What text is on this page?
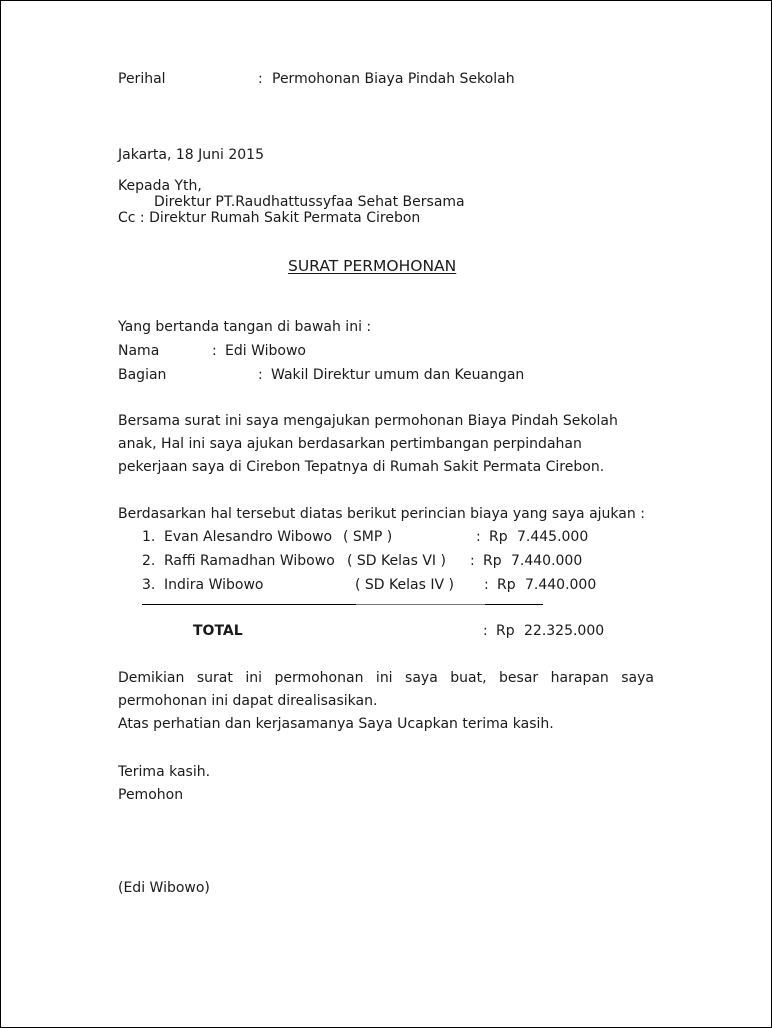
Perihal	: Permohonan Biaya Pindah Sekolah
Jakarta, 18 Juni 2015
Kepada Yth,
Direktur PT.Raudhattussyfaa Sehat Bersama
Cc : Direktur Rumah Sakit Permata Cirebon
SURAT PERMOHONAN
Yang bertanda tangan di bawah ini :
Nama	: Edi Wibowo
Bagian	: Wakil Direktur umum dan Keuangan
Bersama surat ini saya mengajukan permohonan Biaya Pindah Sekolah
anak, Hal ini saya ajukan berdasarkan pertimbangan perpindahan
pekerjaan saya di Cirebon Tepatnya di Rumah Sakit Permata Cirebon.
Berdasarkan hal tersebut diatas berikut perincian biaya yang saya ajukan :
1. Evan Alesandro Wibowo ( SMP )	: Rp 7.445.000
2. Raffi Ramadhan Wibowo ( SD Kelas VI ) : Rp 7.440.000
3. Indira Wibowo	( SD Kelas IV ) : Rp 7.440.000
TOTAL	: Rp 22.325.000
Demikian surat ini permohonan ini saya buat, besar harapan saya
permohonan ini dapat direalisasikan.
Atas perhatian dan kerjasamanya Saya Ucapkan terima kasih.
Terima kasih.
Pemohon
(Edi Wibowo)
